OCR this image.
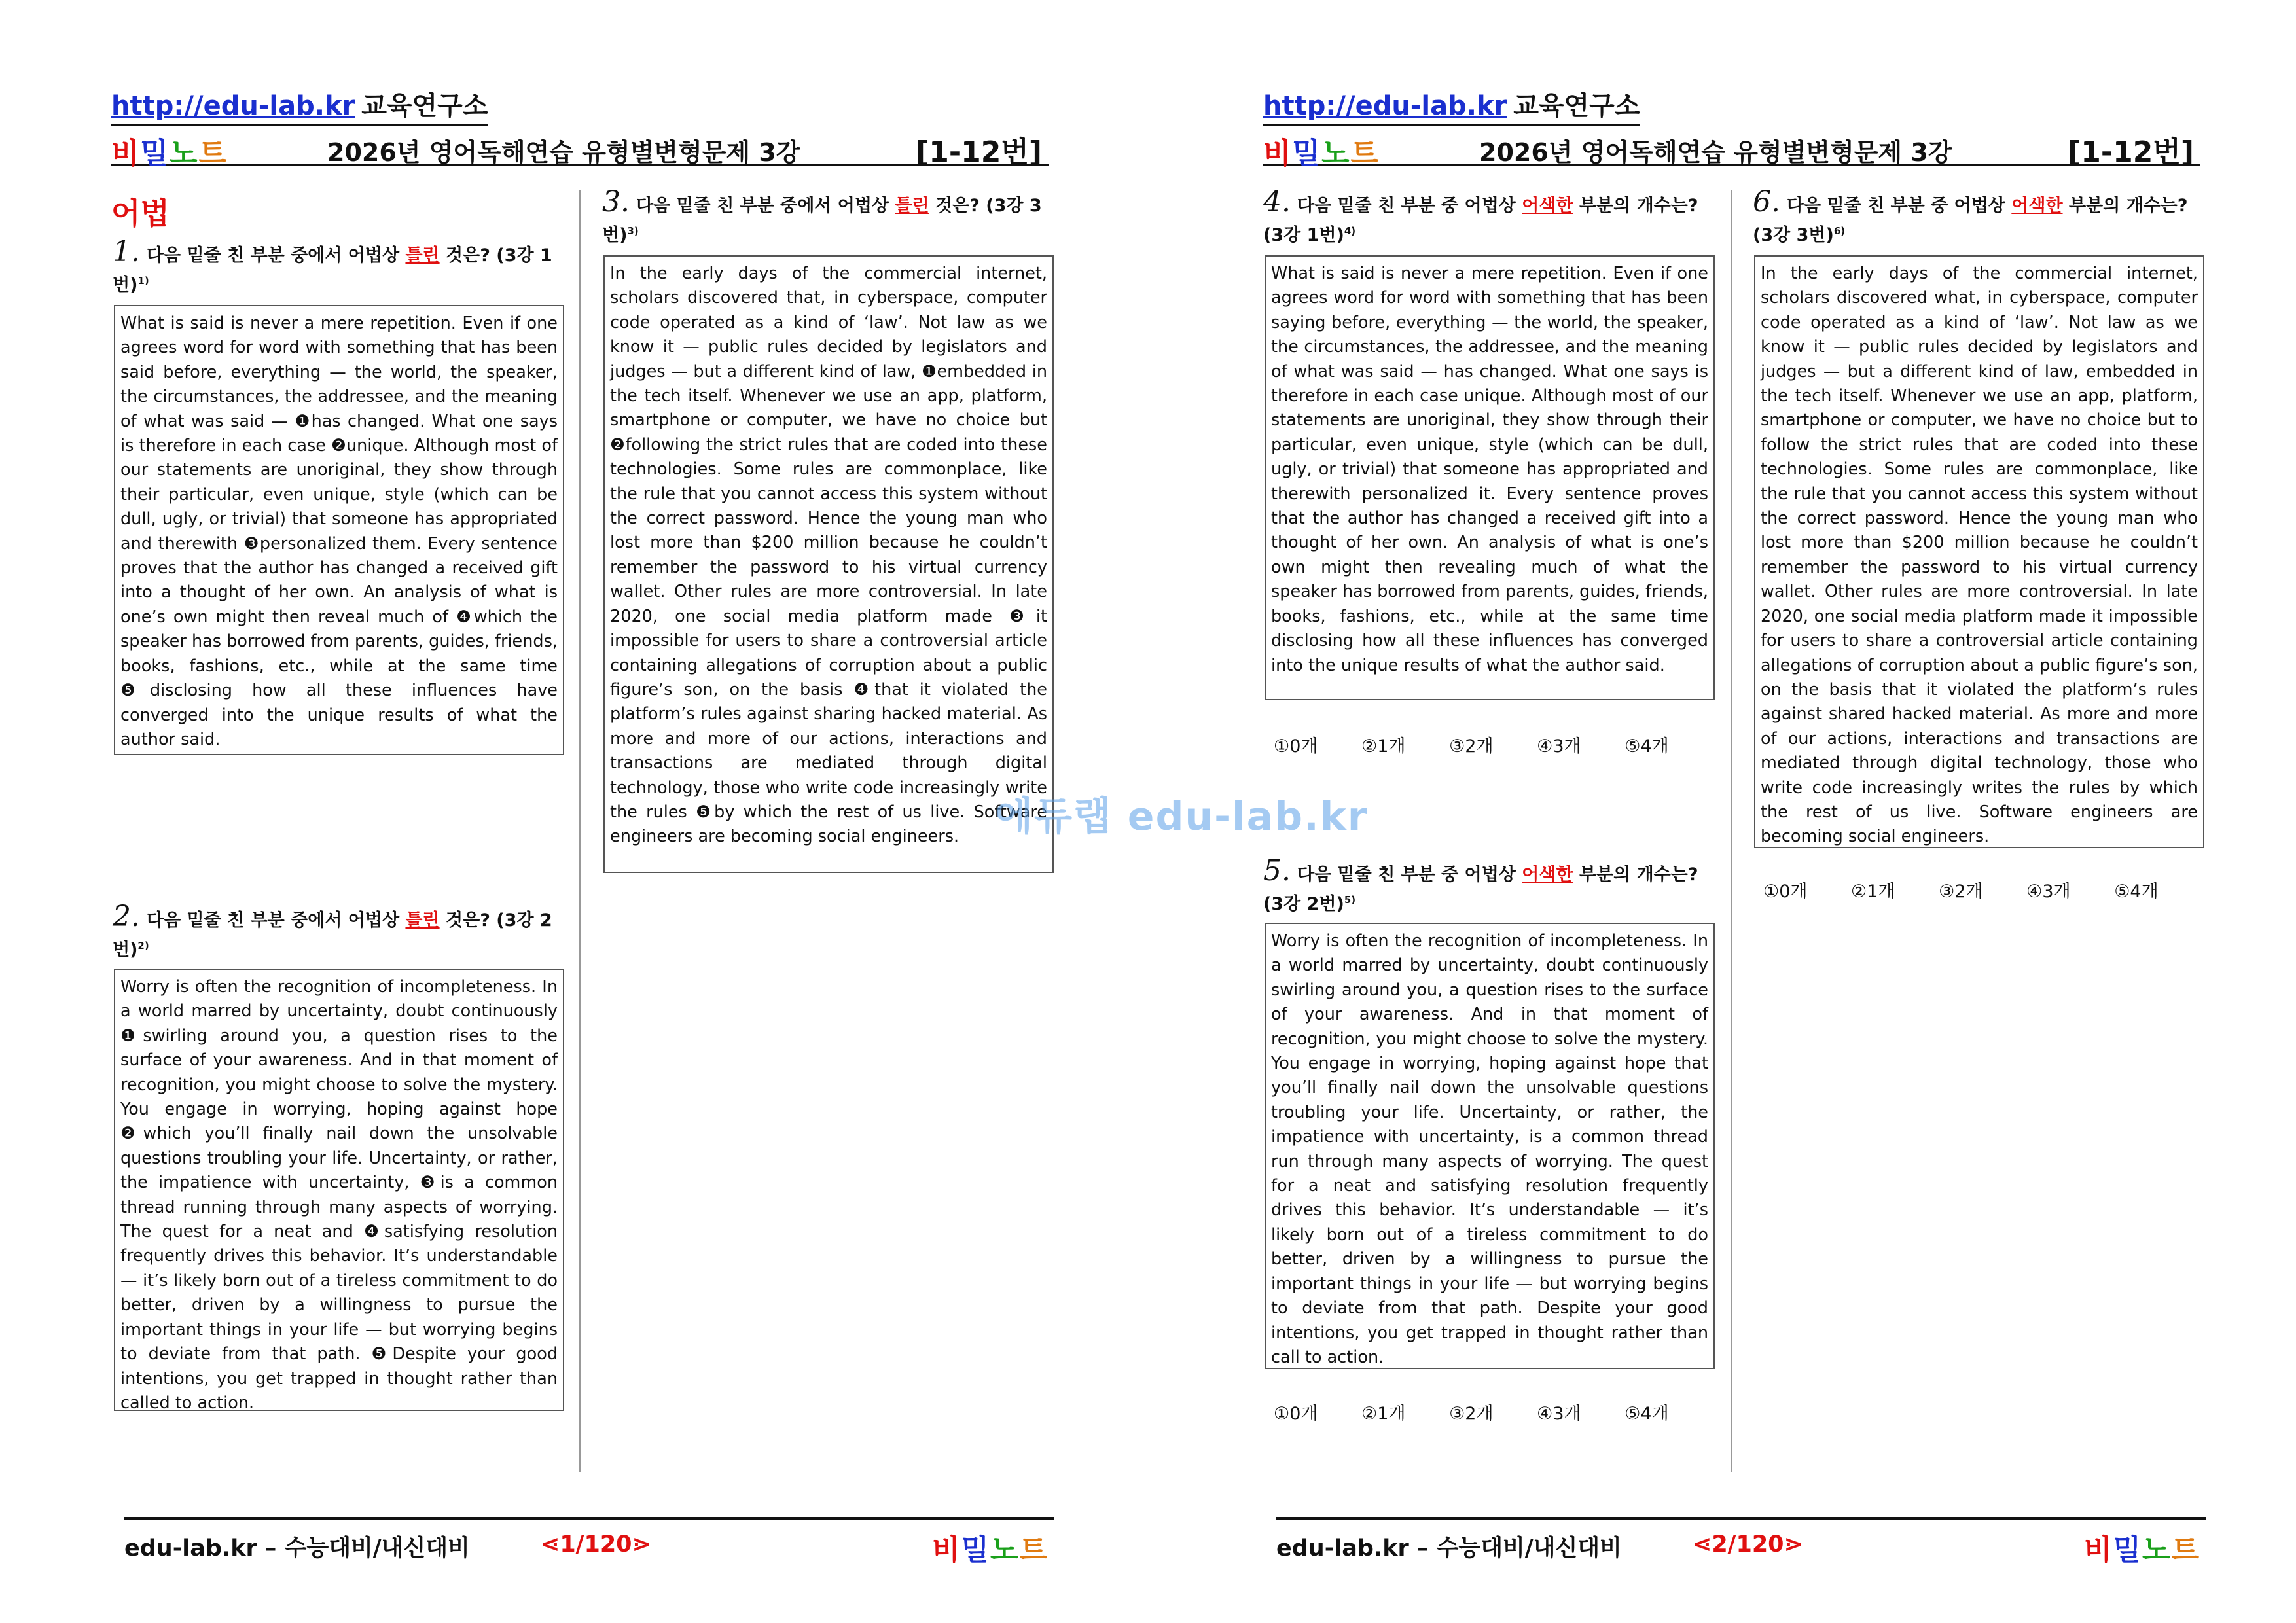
http://edu-lab.kr 교육연구소
비밀노트	2026년 영어독해연습 유형별변형문제 3강	[1-12번]
어법
1. 다음 밑줄 친 부분 중에서 어법상 틀린 것은? (3강 1번)$^{1)}$
What is said is never a mere repetition. Even if one agrees word for word with something that has been said before, everything — the world, the speaker, the circumstances, the addressee, and the meaning of what was said — ❶has changed. What one says is therefore in each case ❷unique. Although most of our statements are unoriginal, they show through their particular, even unique, style (which can be dull, ugly, or trivial) that someone has appropriated and therewith ❸personalized them. Every sentence proves that the author has changed a received gift into a thought of her own. An analysis of what is one’s own might then reveal much of ❹which the speaker has borrowed from parents, guides, friends, books, fashions, etc., while at the same time ❺disclosing how all these influences have converged into the unique results of what the author said.
2. 다음 밑줄 친 부분 중에서 어법상 틀린 것은? (3강 2번)$^{2)}$
Worry is often the recognition of incompleteness. In a world marred by uncertainty, doubt continuously ❶swirling around you, a question rises to the surface of your awareness. And in that moment of recognition, you might choose to solve the mystery. You engage in worrying, hoping against hope ❷which you’ll finally nail down the unsolvable questions troubling your life. Uncertainty, or rather, the impatience with uncertainty, ❸is a common thread running through many aspects of worrying. The quest for a neat and ❹satisfying resolution frequently drives this behavior. It’s understandable — it’s likely born out of a tireless commitment to do better, driven by a willingness to pursue the important things in your life — but worrying begins to deviate from that path. ❺Despite your good intentions, you get trapped in thought rather than called to action.
3. 다음 밑줄 친 부분 중에서 어법상 틀린 것은? (3강 3번)$^{3)}$
In the early days of the commercial internet, scholars discovered that, in cyberspace, computer code operated as a kind of ‘law’. Not law as we know it — public rules decided by legislators and judges — but a different kind of law, ❶embedded in the tech itself. Whenever we use an app, platform, smartphone or computer, we have no choice but ❷following the strict rules that are coded into these technologies. Some rules are commonplace, like the rule that you cannot access this system without the correct password. Hence the young man who lost more than $200 million because he couldn’t remember the password to his virtual currency wallet. Other rules are more controversial. In late 2020, one social media platform made ❸it impossible for users to share a controversial article containing allegations of corruption about a public figure’s son, on the basis ❹that it violated the platform’s rules against sharing hacked material. As more and more of our actions, interactions and transactions are mediated through digital technology, those who write code increasingly write the rules ❺by which the rest of us live. Software engineers are becoming social engineers.
edu-lab.kr – 수능대비/내신대비	⋖1/120⋗	비밀노트
http://edu-lab.kr 교육연구소
비밀노트	2026년 영어독해연습 유형별변형문제 3강	[1-12번]
4. 다음 밑줄 친 부분 중 어법상 어색한 부분의 개수는? (3강 1번)$^{4)}$
What is said is never a mere repetition. Even if one agrees word for word with something that has been saying before, everything — the world, the speaker, the circumstances, the addressee, and the meaning of what was said — has changed. What one says is therefore in each case unique. Although most of our statements are unoriginal, they show through their particular, even unique, style (which can be dull, ugly, or trivial) that someone has appropriated and therewith personalized it. Every sentence proves that the author has changed a received gift into a thought of her own. An analysis of what is one’s own might then revealing much of what the speaker has borrowed from parents, guides, friends, books, fashions, etc., while at the same time disclosing how all these influences has converged into the unique results of what the author said.
①0개 ②1개 ③2개 ④3개 ⑤4개
5. 다음 밑줄 친 부분 중 어법상 어색한 부분의 개수는? (3강 2번)$^{5)}$
Worry is often the recognition of incompleteness. In a world marred by uncertainty, doubt continuously swirling around you, a question rises to the surface of your awareness. And in that moment of recognition, you might choose to solve the mystery. You engage in worrying, hoping against hope that you’ll finally nail down the unsolvable questions troubling your life. Uncertainty, or rather, the impatience with uncertainty, is a common thread run through many aspects of worrying. The quest for a neat and satisfying resolution frequently drives this behavior. It’s understandable — it’s likely born out of a tireless commitment to do better, driven by a willingness to pursue the important things in your life — but worrying begins to deviate from that path. Despite your good intentions, you get trapped in thought rather than call to action.
①0개 ②1개 ③2개 ④3개 ⑤4개
6. 다음 밑줄 친 부분 중 어법상 어색한 부분의 개수는? (3강 3번)$^{6)}$
In the early days of the commercial internet, scholars discovered what, in cyberspace, computer code operated as a kind of ‘law’. Not law as we know it — public rules decided by legislators and judges — but a different kind of law, embedded in the tech itself. Whenever we use an app, platform, smartphone or computer, we have no choice but to follow the strict rules that are coded into these technologies. Some rules are commonplace, like the rule that you cannot access this system without the correct password. Hence the young man who lost more than $200 million because he couldn’t remember the password to his virtual currency wallet. Other rules are more controversial. In late 2020, one social media platform made it impossible for users to share a controversial article containing allegations of corruption about a public figure’s son, on the basis that it violated the platform’s rules against shared hacked material. As more and more of our actions, interactions and transactions are mediated through digital technology, those who write code increasingly writes the rules by which the rest of us live. Software engineers are becoming social engineers.
①0개 ②1개 ③2개 ④3개 ⑤4개
edu-lab.kr – 수능대비/내신대비	⋖2/120⋗	비밀노트
에듀랩 edu-lab.kr
